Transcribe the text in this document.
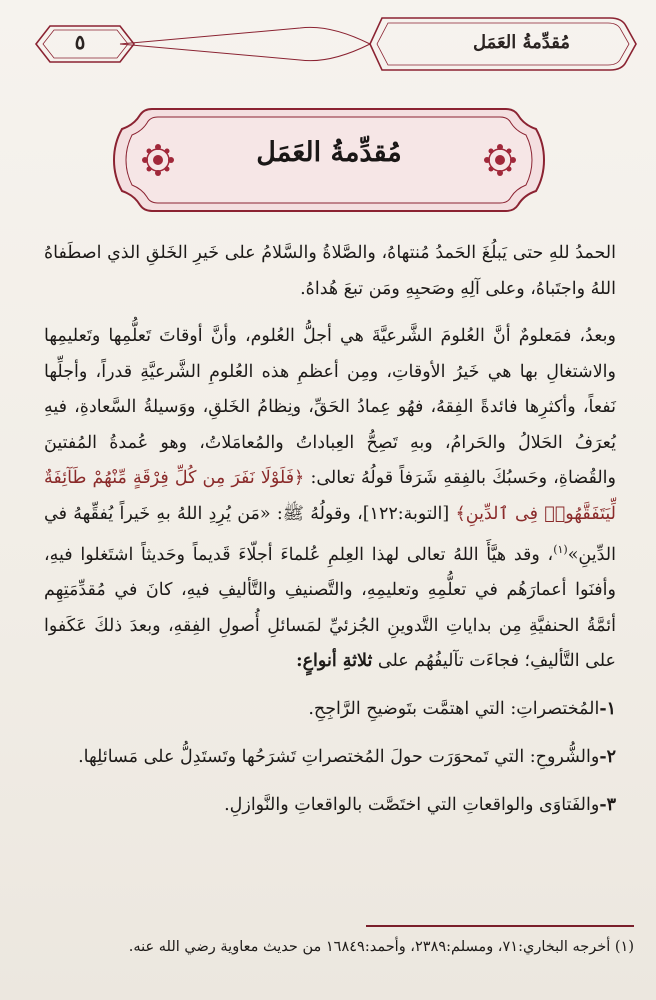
مُقدِّمةُ العَمَل
٥
مُقدِّمةُ العَمَل

الحمدُ للهِ حتى يَبلُغَ الحَمدُ مُنتهاهُ، والصَّلاةُ والسَّلامُ على خَيرِ الخَلقِ الذي اصطَفاهُ اللهُ واجتَباهُ، وعلى آلِهِ وصَحبِهِ ومَن تبعَ هُداهُ.

وبعدُ، فمَعلومٌ أنَّ العُلومَ الشَّرعيَّةَ هي أجلُّ العُلوم، وأنَّ أوقاتَ تَعلُّمِها وتَعليمِها والاشتغالِ بها هي خَيرُ الأوقاتِ، ومِن أعظمِ هذه العُلومِ الشَّرعيَّةِ قدراً، وأجلِّها نَفعاً، وأكثرِها فائدةً الفِقهُ، فهُو عِمادُ الحَقِّ، ونِظامُ الخَلقِ، ووَسيلةُ السَّعادةِ، فيهِ يُعرَفُ الحَلالُ والحَرامُ، وبهِ تَصِحُّ العِباداتُ والمُعامَلاتُ، وهو عُمدةُ المُفتينَ والقُضاةِ، وحَسبُكَ بالفِقهِ شَرَفاً قولُهُ تعالى: ﴿فَلَوْلَا نَفَرَ مِن كُلِّ فِرْقَةٍ مِّنْهُمْ طَآئِفَةٌ لِّيَتَفَقَّهُوا۟ فِى ٱلدِّينِ﴾ [التوبة:١٢٢]، وقولُهُ ﷺ: «مَن يُرِدِ اللهُ بهِ خَيراً يُفقِّههُ في الدِّينِ»$^{(١)}$، وقد هيَّأَ اللهُ تعالى لهذا العِلمِ عُلماءَ أجلّاءَ قَديماً وحَديثاً اشتَغلوا فيهِ، وأفنَوا أعمارَهُم في تعلُّمِهِ وتعليمِهِ، والتَّصنيفِ والتَّأليفِ فيهِ، كانَ في مُقدِّمَتِهِم أئمَّةُ الحنفيَّةِ مِن بداياتِ التَّدوينِ الجُزئيِّ لمَسائلِ أُصولِ الفِقهِ، وبعدَ ذلكَ عَكَفوا على التَّأليفِ؛ فجاءَت تآليفُهُم على ثلاثةِ أنواعٍ:

١-المُختصراتِ: التي اهتمَّت بتَوضيحِ الرَّاجِحِ.
٢-والشُّروحِ: التي تَمحوَرَت حولَ المُختصراتِ تَشرَحُها وتَستَدِلُّ على مَسائلِها.
٣-والفَتاوَى والواقعاتِ التي اختَصَّت بالواقعاتِ والنَّوازلِ.
(١) أخرجه البخاري:٧١، ومسلم:٢٣٨٩، وأحمد:١٦٨٤٩ من حديث معاوية رضي الله عنه.
